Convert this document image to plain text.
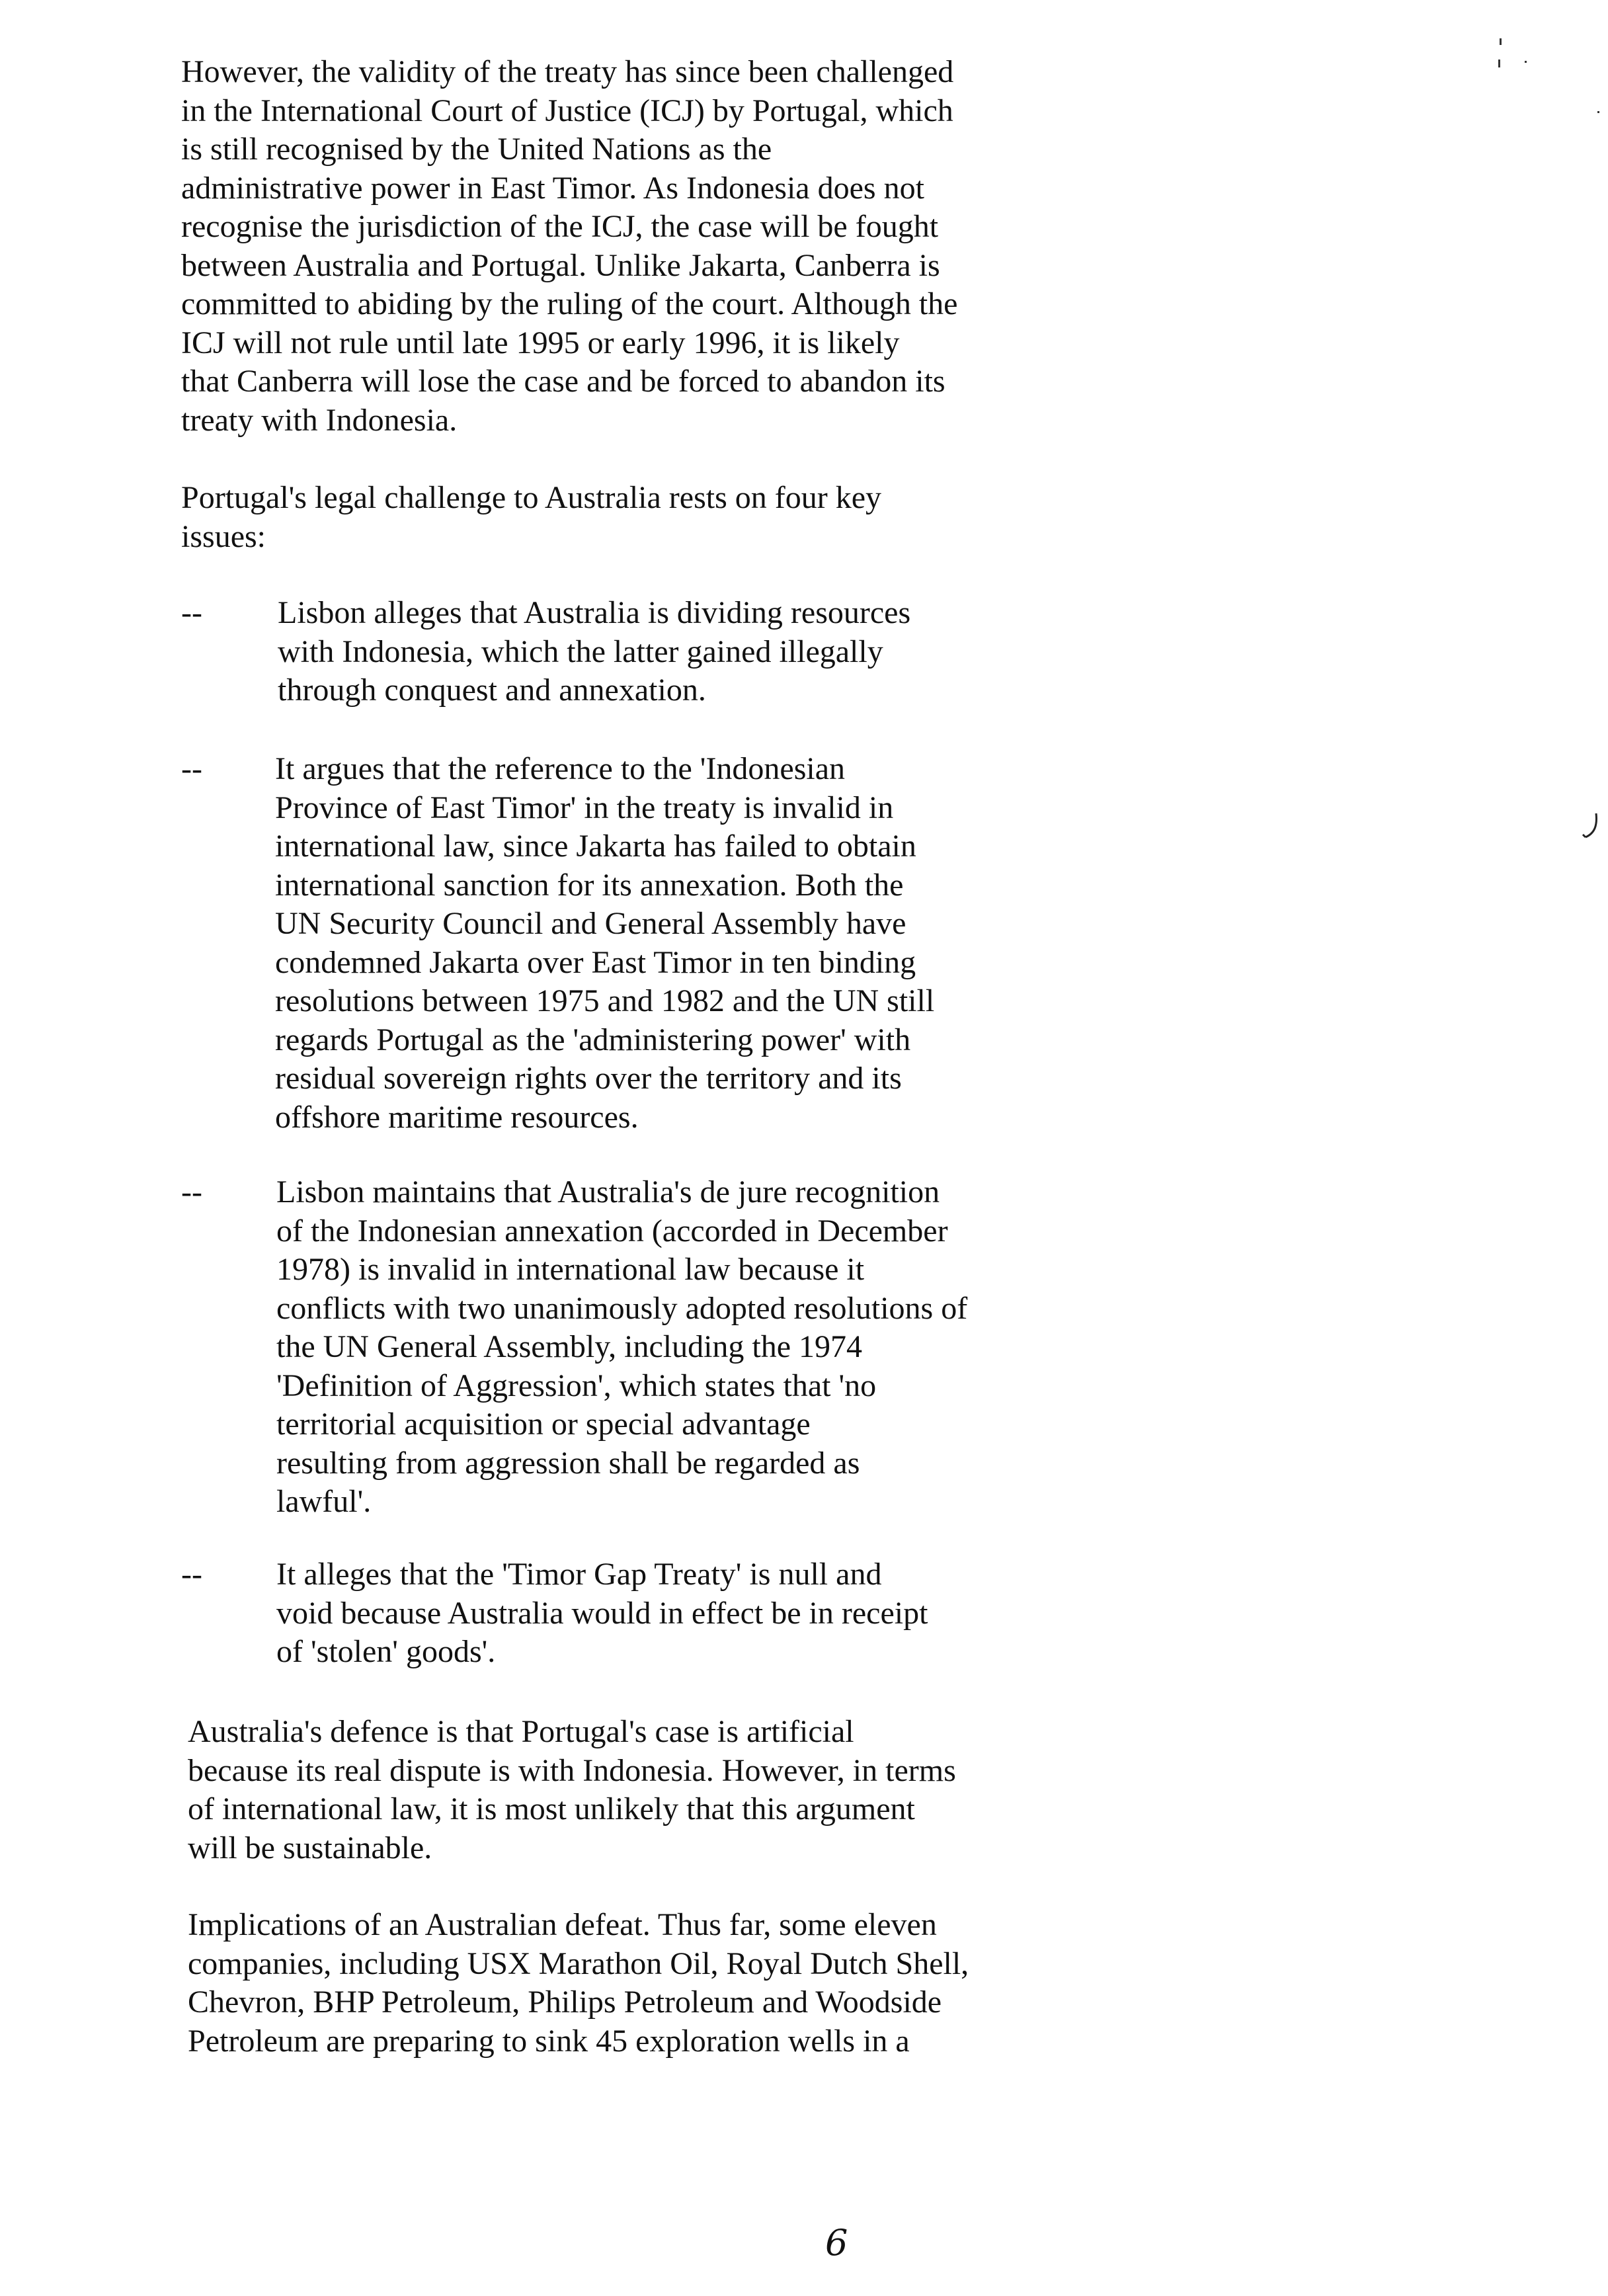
However, the validity of the treaty has since been challenged
in the International Court of Justice (ICJ) by Portugal, which
is still recognised by the United Nations as the
administrative power in East Timor. As Indonesia does not
recognise the jurisdiction of the ICJ, the case will be fought
between Australia and Portugal. Unlike Jakarta, Canberra is
committed to abiding by the ruling of the court. Although the
ICJ will not rule until late 1995 or early 1996, it is likely
that Canberra will lose the case and be forced to abandon its
treaty with Indonesia.

Portugal's legal challenge to Australia rests on four key
issues:

-- Lisbon alleges that Australia is dividing resources
with Indonesia, which the latter gained illegally
through conquest and annexation.
-- It argues that the reference to the 'Indonesian
Province of East Timor' in the treaty is invalid in
international law, since Jakarta has failed to obtain
international sanction for its annexation. Both the
UN Security Council and General Assembly have
condemned Jakarta over East Timor in ten binding
resolutions between 1975 and 1982 and the UN still
regards Portugal as the 'administering power' with
residual sovereign rights over the territory and its
offshore maritime resources.
-- Lisbon maintains that Australia's de jure recognition
of the Indonesian annexation (accorded in December
1978) is invalid in international law because it
conflicts with two unanimously adopted resolutions of
the UN General Assembly, including the 1974
'Definition of Aggression', which states that 'no
territorial acquisition or special advantage
resulting from aggression shall be regarded as
lawful'.
-- It alleges that the 'Timor Gap Treaty' is null and
void because Australia would in effect be in receipt
of 'stolen' goods'.

Australia's defence is that Portugal's case is artificial
because its real dispute is with Indonesia. However, in terms
of international law, it is most unlikely that this argument
will be sustainable.

Implications of an Australian defeat. Thus far, some eleven
companies, including USX Marathon Oil, Royal Dutch Shell,
Chevron, BHP Petroleum, Philips Petroleum and Woodside
Petroleum are preparing to sink 45 exploration wells in a

6
